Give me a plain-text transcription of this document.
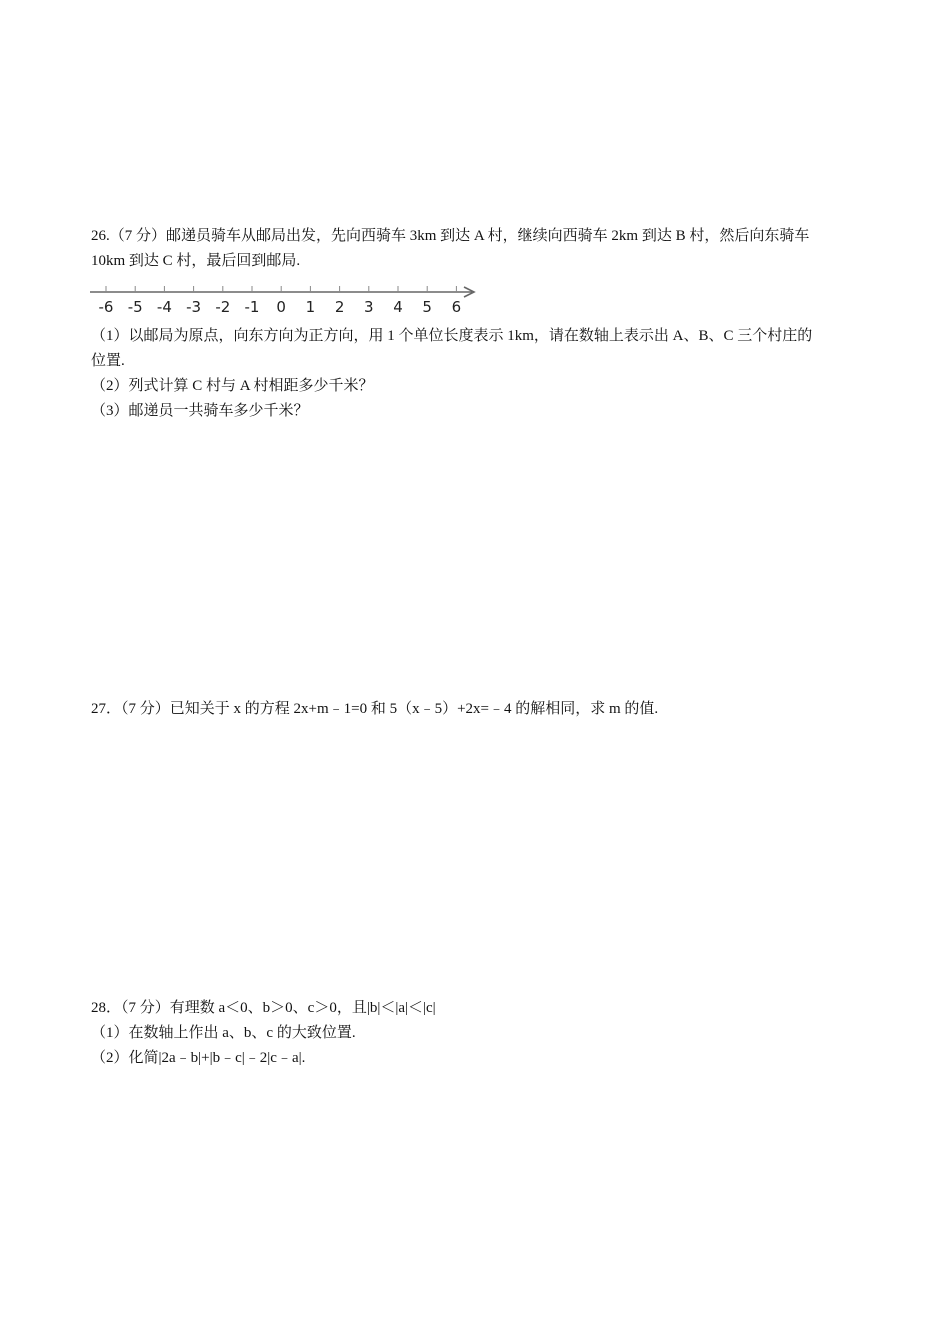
26.（7 分）邮递员骑车从邮局出发，先向西骑车 3km 到达 A 村，继续向西骑车 2km 到达 B 村，然后向东骑车
10km 到达 C 村，最后回到邮局.
-6 -5 -4 -3 -2 -1 0 1 2 3 4 5 6
（1）以邮局为原点，向东方向为正方向，用 1 个单位长度表示 1km，请在数轴上表示出 A、B、C 三个村庄的
位置.
（2）列式计算 C 村与 A 村相距多少千米？
（3）邮递员一共骑车多少千米？
27．（7 分）已知关于 x 的方程 2x+m﹣1=0 和 5（x﹣5）+2x=﹣4 的解相同，求 m 的值.
28．（7 分）有理数 a＜0、b＞0、c＞0，且|b|＜|a|＜|c|
（1）在数轴上作出 a、b、c 的大致位置.
（2）化简|2a﹣b|+|b﹣c|﹣2|c﹣a|.
